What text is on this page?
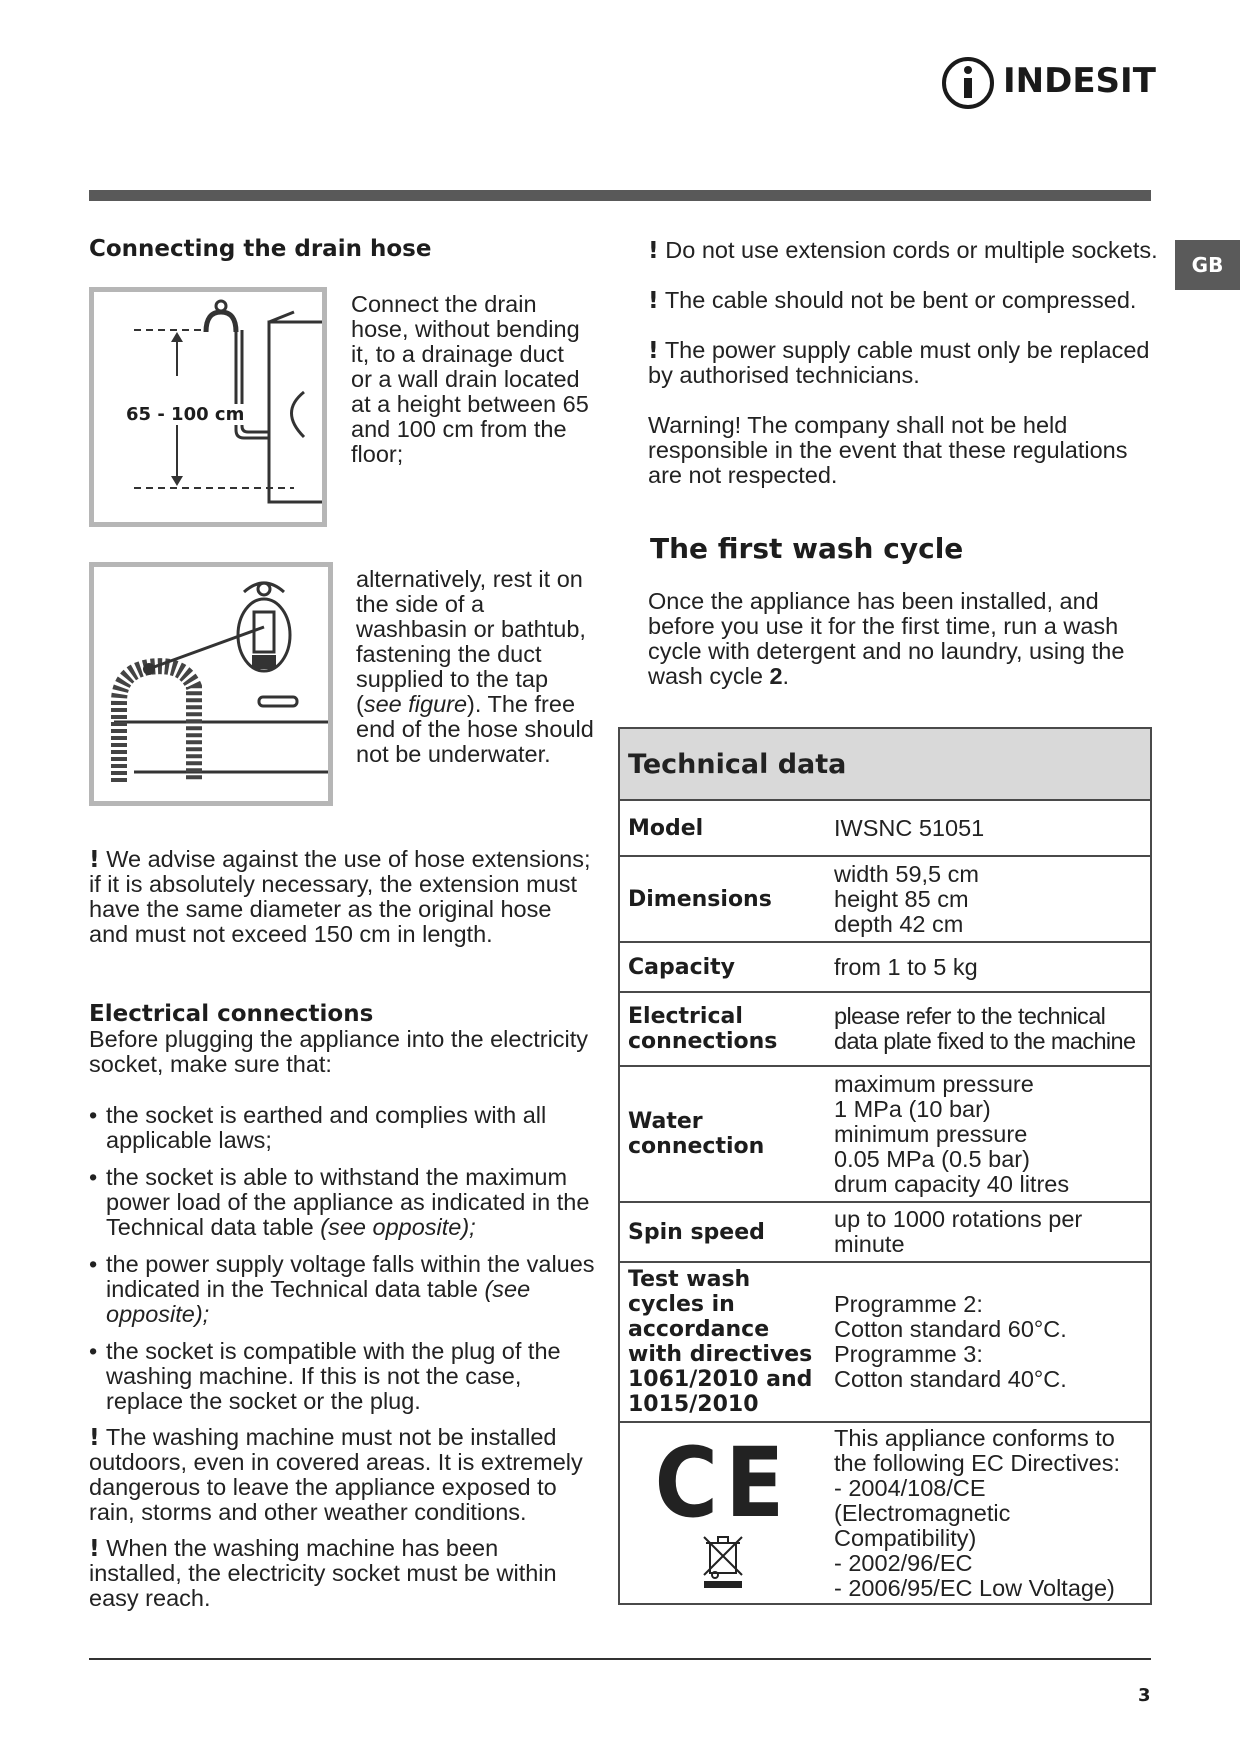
INDESIT
GB
Connecting the drain hose
65 - 100 cm
Connect the drain hose, without bending it, to a drainage duct or a wall drain located at a height between 65 and 100 cm from the floor;
alternatively, rest it on the side of a washbasin or bathtub, fastening the duct supplied to the tap (see figure). The free end of the hose should not be underwater.
! We advise against the use of hose extensions; if it is absolutely necessary, the extension must have the same diameter as the original hose and must not exceed 150 cm in length.
Electrical connections

Before plugging the appliance into the electricity socket, make sure that:

• the socket is earthed and complies with all applicable laws;
• the socket is able to withstand the maximum power load of the appliance as indicated in the Technical data table (see opposite);
• the power supply voltage falls within the values indicated in the Technical data table (see opposite);
• the socket is compatible with the plug of the washing machine. If this is not the case, replace the socket or the plug.
! The washing machine must not be installed outdoors, even in covered areas. It is extremely dangerous to leave the appliance exposed to rain, storms and other weather conditions.
! When the washing machine has been installed, the electricity socket must be within easy reach.
! Do not use extension cords or multiple sockets.
! The cable should not be bent or compressed.
! The power supply cable must only be replaced by authorised technicians.
Warning! The company shall not be held responsible in the event that these regulations are not respected.
The first wash cycle
Once the appliance has been installed, and before you use it for the first time, run a wash cycle with detergent and no laundry, using the wash cycle 2.
Technical data	
Model	IWSNC 51051

Dimensions	width 59,5 cm
height 85 cm
depth 42 cm

Capacity	from 1 to 5 kg

Electrical connections	please refer to the technical
data plate fixed to the machine

Water connection	maximum pressure
1 MPa (10 bar)
minimum pressure
0.05 MPa (0.5 bar)
drum capacity 40 litres

Spin speed	up to 1000 rotations per
minute

Test wash cycles in accordance with directives 1061/2010 and 1015/2010	Programme 2:
Cotton standard 60°C.
Programme 3:
Cotton standard 40°C.

CE	This appliance conforms to
the following EC Directives:
- 2004/108/CE (Electromagnetic Compatibility)
- 2002/96/EC
- 2006/95/EC Low Voltage)
3
